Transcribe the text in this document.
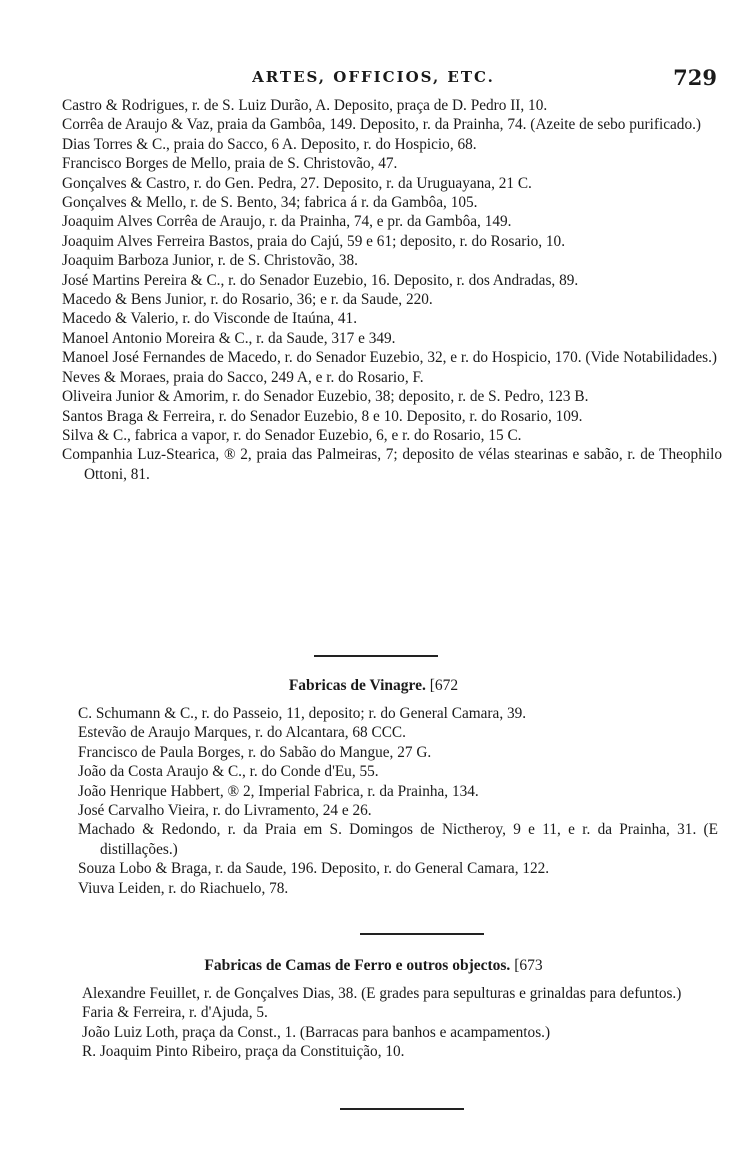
ARTES, OFFICIOS, ETC.	729
Castro & Rodrigues, r. de S. Luiz Durão, A. Deposito, praça de D. Pedro II, 10.
Corrêa de Araujo & Vaz, praia da Gambôa, 149. Deposito, r. da Prainha, 74. (Azeite de sebo purificado.)
Dias Torres & C., praia do Sacco, 6 A. Deposito, r. do Hospicio, 68.
Francisco Borges de Mello, praia de S. Christovão, 47.
Gonçalves & Castro, r. do Gen. Pedra, 27. Deposito, r. da Uruguayana, 21 C.
Gonçalves & Mello, r. de S. Bento, 34; fabrica á r. da Gambôa, 105.
Joaquim Alves Corrêa de Araujo, r. da Prainha, 74, e pr. da Gambôa, 149.
Joaquim Alves Ferreira Bastos, praia do Cajú, 59 e 61; deposito, r. do Rosario, 10.
Joaquim Barboza Junior, r. de S. Christovão, 38.
José Martins Pereira & C., r. do Senador Euzebio, 16. Deposito, r. dos Andradas, 89.
Macedo & Bens Junior, r. do Rosario, 36; e r. da Saude, 220.
Macedo & Valerio, r. do Visconde de Itaúna, 41.
Manoel Antonio Moreira & C., r. da Saude, 317 e 349.
Manoel José Fernandes de Macedo, r. do Senador Euzebio, 32, e r. do Hospicio, 170. (Vide Notabilidades.)
Neves & Moraes, praia do Sacco, 249 A, e r. do Rosario, F.
Oliveira Junior & Amorim, r. do Senador Euzebio, 38; deposito, r. de S. Pedro, 123 B.
Santos Braga & Ferreira, r. do Senador Euzebio, 8 e 10. Deposito, r. do Rosario, 109.
Silva & C., fabrica a vapor, r. do Senador Euzebio, 6, e r. do Rosario, 15 C.
Companhia Luz-Stearica, ® 2, praia das Palmeiras, 7; deposito de vélas stearinas e sabão, r. de Theophilo Ottoni, 81.
Fabricas de Vinagre. [672
C. Schumann & C., r. do Passeio, 11, deposito; r. do General Camara, 39.
Estevão de Araujo Marques, r. do Alcantara, 68 CCC.
Francisco de Paula Borges, r. do Sabão do Mangue, 27 G.
João da Costa Araujo & C., r. do Conde d'Eu, 55.
João Henrique Habbert, ® 2, Imperial Fabrica, r. da Prainha, 134.
José Carvalho Vieira, r. do Livramento, 24 e 26.
Machado & Redondo, r. da Praia em S. Domingos de Nictheroy, 9 e 11, e r. da Prainha, 31. (E distillações.)
Souza Lobo & Braga, r. da Saude, 196. Deposito, r. do General Camara, 122.
Viuva Leiden, r. do Riachuelo, 78.
Fabricas de Camas de Ferro e outros objectos. [673
Alexandre Feuillet, r. de Gonçalves Dias, 38. (E grades para sepulturas e grinaldas para defuntos.)
Faria & Ferreira, r. d'Ajuda, 5.
João Luiz Loth, praça da Const., 1. (Barracas para banhos e acampamentos.)
R. Joaquim Pinto Ribeiro, praça da Constituição, 10.
